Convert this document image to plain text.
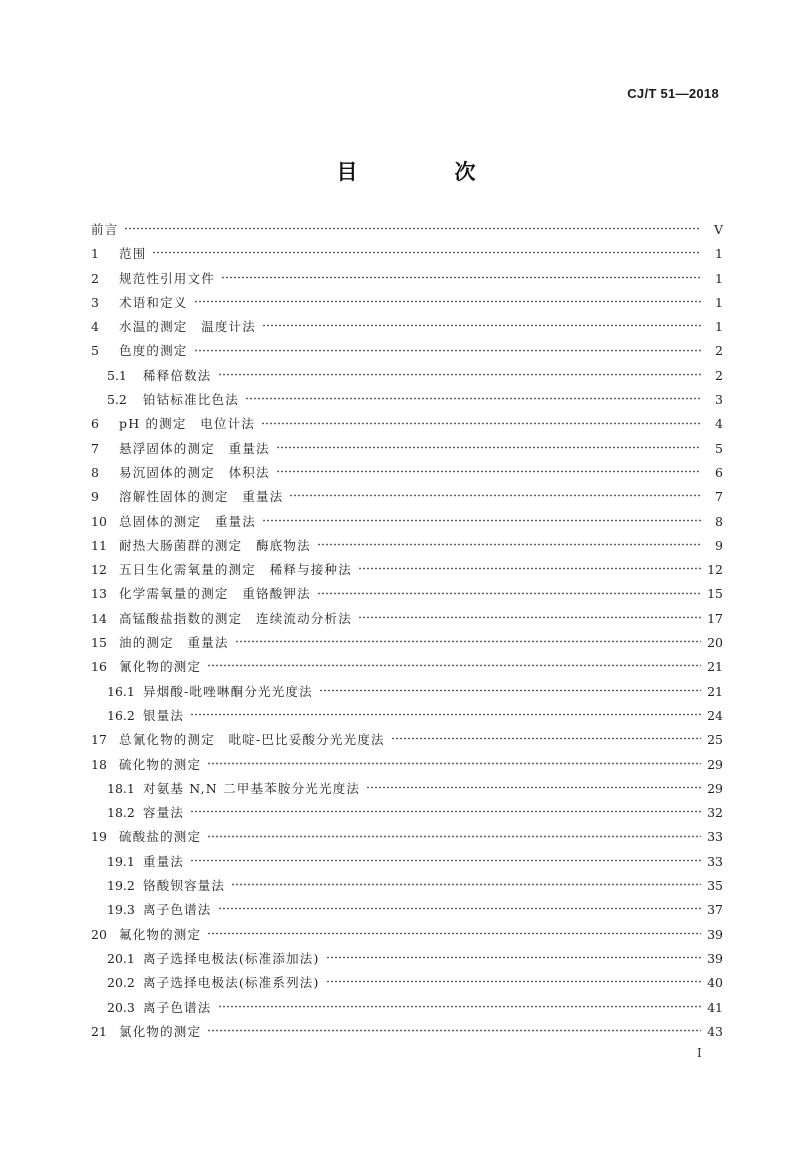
CJ/T 51—2018
目　次
前言	V
1	范围	1
2	规范性引用文件	1
3	术语和定义	1
4	水温的测定　温度计法	1
5	色度的测定	2
5.1	稀释倍数法	2
5.2	铂钴标准比色法	3
6	pH 的测定　电位计法	4
7	悬浮固体的测定　重量法	5
8	易沉固体的测定　体积法	6
9	溶解性固体的测定　重量法	7
10 总固体的测定　重量法	8
11 耐热大肠菌群的测定　酶底物法	9
12 五日生化需氧量的测定　稀释与接种法	12
13 化学需氧量的测定　重铬酸钾法	15
14 高锰酸盐指数的测定　连续流动分析法	17
15 油的测定　重量法	20
16 氰化物的测定	21
16.1 异烟酸-吡唑啉酮分光光度法	21
16.2 银量法	24
17 总氰化物的测定　吡啶-巴比妥酸分光光度法	25
18 硫化物的测定	29
18.1 对氨基 N,N 二甲基苯胺分光光度法	29
18.2 容量法	32
19 硫酸盐的测定	33
19.1 重量法	33
19.2 铬酸钡容量法	35
19.3 离子色谱法	37
20 氟化物的测定	39
20.1 离子选择电极法(标准添加法)	39
20.2 离子选择电极法(标准系列法)	40
20.3 离子色谱法	41
21 氯化物的测定	43
I
